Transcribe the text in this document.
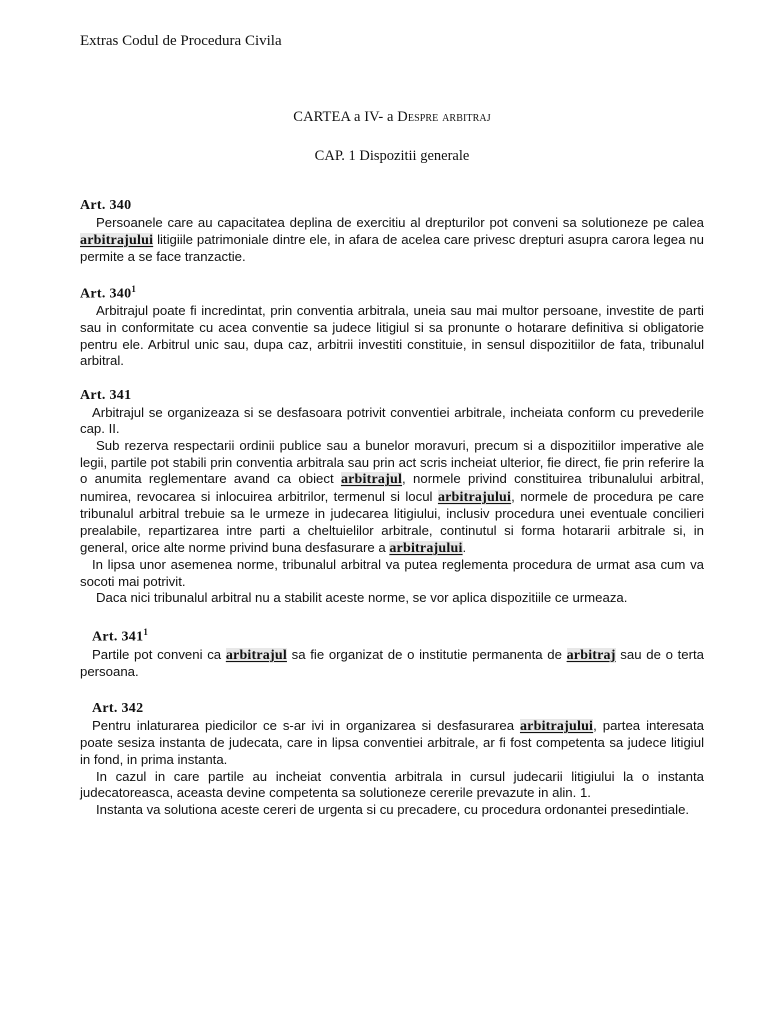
Extras Codul de Procedura Civila
CARTEA a IV- a Despre arbitraj
CAP. 1 Dispozitii generale
Art. 340

Persoanele care au capacitatea deplina de exercitiu al drepturilor pot conveni sa solutioneze pe calea arbitrajului litigiile patrimoniale dintre ele, in afara de acelea care privesc drepturi asupra carora legea nu permite a se face tranzactie.

Art. $340^1$

Arbitrajul poate fi incredintat, prin conventia arbitrala, uneia sau mai multor persoane, investite de parti sau in conformitate cu acea conventie sa judece litigiul si sa pronunte o hotarare definitiva si obligatorie pentru ele. Arbitrul unic sau, dupa caz, arbitrii investiti constituie, in sensul dispozitiilor de fata, tribunalul arbitral.

Art. 341

Arbitrajul se organizeaza si se desfasoara potrivit conventiei arbitrale, incheiata conform cu prevederile cap. II.

Sub rezerva respectarii ordinii publice sau a bunelor moravuri, precum si a dispozitiilor imperative ale legii, partile pot stabili prin conventia arbitrala sau prin act scris incheiat ulterior, fie direct, fie prin referire la o anumita reglementare avand ca obiect arbitrajul, normele privind constituirea tribunalului arbitral, numirea, revocarea si inlocuirea arbitrilor, termenul si locul arbitrajului, normele de procedura pe care tribunalul arbitral trebuie sa le urmeze in judecarea litigiului, inclusiv procedura unei eventuale concilieri prealabile, repartizarea intre parti a cheltuielilor arbitrale, continutul si forma hotararii arbitrale si, in general, orice alte norme privind buna desfasurare a arbitrajului.

In lipsa unor asemenea norme, tribunalul arbitral va putea reglementa procedura de urmat asa cum va socoti mai potrivit.

Daca nici tribunalul arbitral nu a stabilit aceste norme, se vor aplica dispozitiile ce urmeaza.

Art. $341^1$

Partile pot conveni ca arbitrajul sa fie organizat de o institutie permanenta de arbitraj sau de o terta persoana.

Art. 342

Pentru inlaturarea piedicilor ce s-ar ivi in organizarea si desfasurarea arbitrajului, partea interesata poate sesiza instanta de judecata, care in lipsa conventiei arbitrale, ar fi fost competenta sa judece litigiul in fond, in prima instanta.

In cazul in care partile au incheiat conventia arbitrala in cursul judecarii litigiului la o instanta judecatoreasca, aceasta devine competenta sa solutioneze cererile prevazute in alin. 1.

Instanta va solutiona aceste cereri de urgenta si cu precadere, cu procedura ordonantei presedintiale.
